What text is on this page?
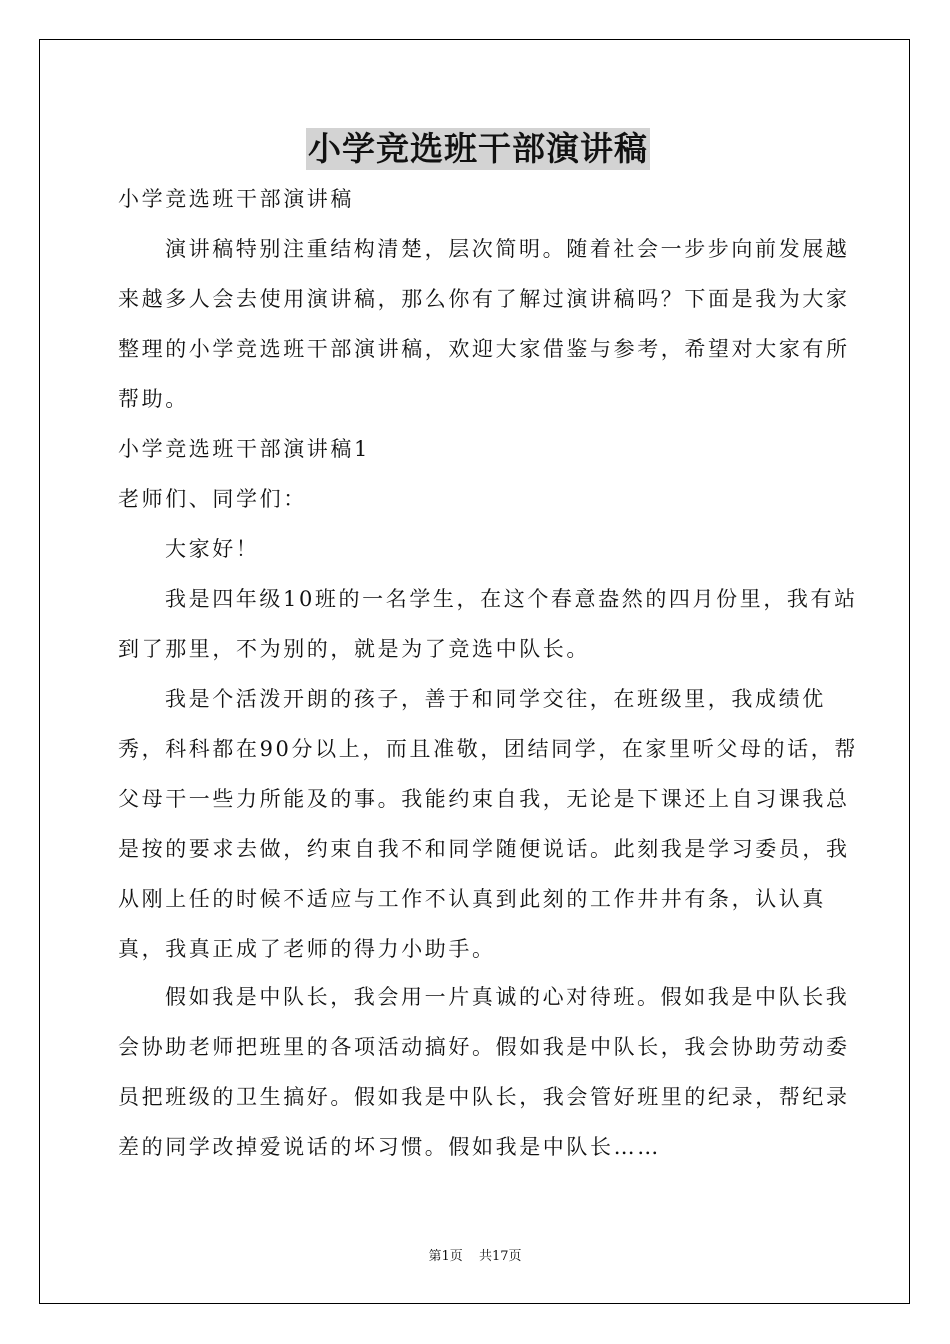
小学竞选班干部演讲稿

小学竞选班干部演讲稿

演讲稿特别注重结构清楚，层次简明。随着社会一步步向前发展越来越多人会去使用演讲稿，那么你有了解过演讲稿吗？下面是我为大家整理的小学竞选班干部演讲稿，欢迎大家借鉴与参考，希望对大家有所帮助。

小学竞选班干部演讲稿1

老师们、同学们：

大家好！

我是四年级10班的一名学生，在这个春意盎然的四月份里，我有站到了那里，不为别的，就是为了竞选中队长。

我是个活泼开朗的孩子，善于和同学交往，在班级里，我成绩优秀，科科都在90分以上，而且准敬，团结同学，在家里听父母的话，帮父母干一些力所能及的事。我能约束自我，无论是下课还上自习课我总是按的要求去做，约束自我不和同学随便说话。此刻我是学习委员，我从刚上任的时候不适应与工作不认真到此刻的工作井井有条，认认真真，我真正成了老师的得力小助手。

假如我是中队长，我会用一片真诚的心对待班。假如我是中队长我会协助老师把班里的各项活动搞好。假如我是中队长，我会协助劳动委员把班级的卫生搞好。假如我是中队长，我会管好班里的纪录，帮纪录差的同学改掉爱说话的坏习惯。假如我是中队长……

第1页 共17页
